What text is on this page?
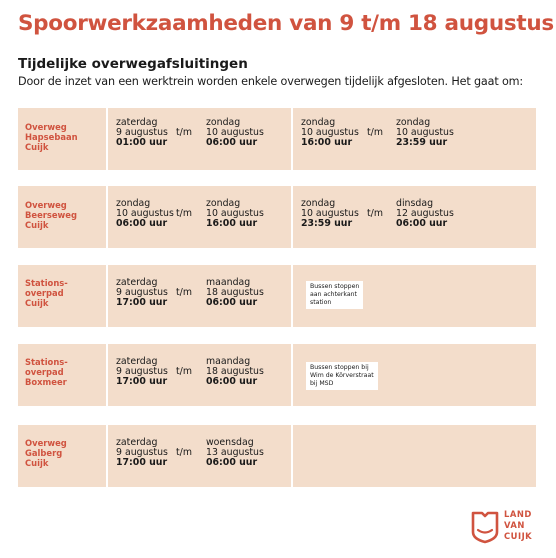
Spoorwerkzaamheden van 9 t/m 18 augustus
Tijdelijke overwegafsluitingen
Door de inzet van een werktrein worden enkele overwegen tijdelijk afgesloten. Het gaat om:
Overweg
Hapsebaan
Cuijk
zaterdag
9 augustus
01:00 uur
t/m
zondag
10 augustus
06:00 uur
zondag
10 augustus
16:00 uur
t/m
zondag
10 augustus
23:59 uur
Overweg
Beerseweg
Cuijk
zondag
10 augustus
06:00 uur
t/m
zondag
10 augustus
16:00 uur
zondag
10 augustus
23:59 uur
t/m
dinsdag
12 augustus
06:00 uur
Stations-
overpad
Cuijk
zaterdag
9 augustus
17:00 uur
t/m
maandag
18 augustus
06:00 uur
Bussen stoppen
aan achterkant
station
Stations-
overpad
Boxmeer
zaterdag
9 augustus
17:00 uur
t/m
maandag
18 augustus
06:00 uur
Bussen stoppen bij
Wim de Körverstraat
bij MSD
Overweg
Galberg
Cuijk
zaterdag
9 augustus
17:00 uur
t/m
woensdag
13 augustus
06:00 uur
LAND
VAN
CUIJK
